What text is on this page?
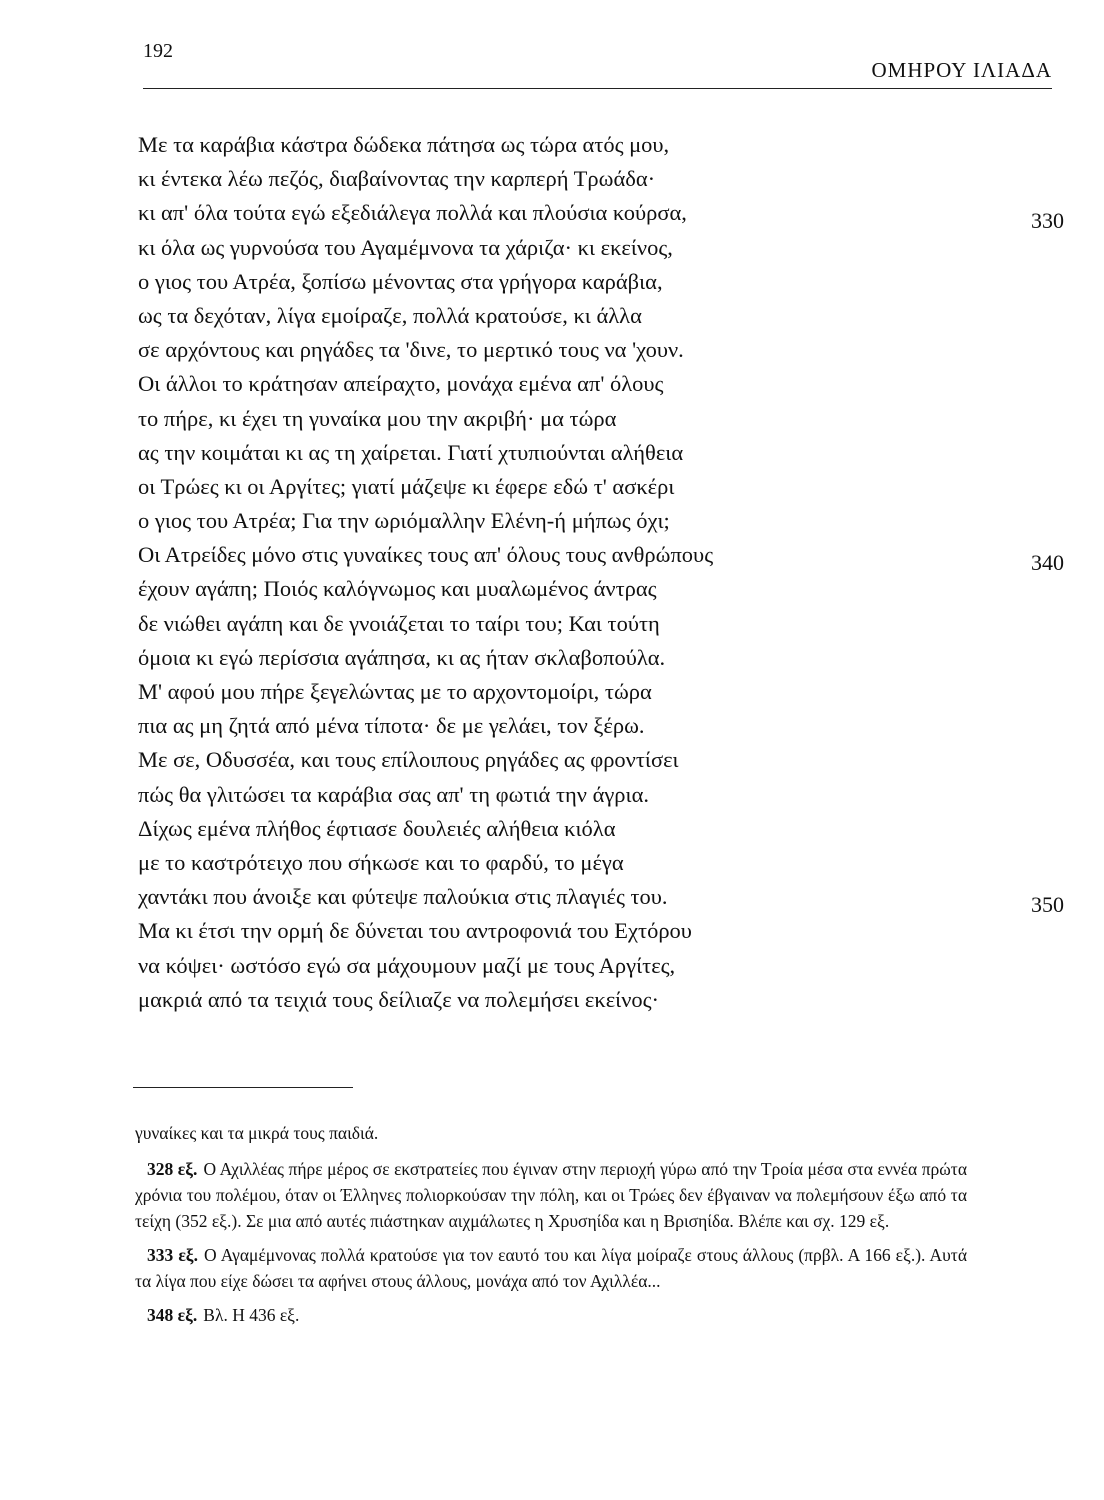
192
ΟΜΗΡΟΥ ΙΛΙΑΔΑ
Με τα καράβια κάστρα δώδεκα πάτησα ως τώρα ατός μου,
κι έντεκα λέω πεζός, διαβαίνοντας την καρπερή Τρωάδα·
κι απ' όλα τούτα εγώ εξεδιάλεγα πολλά και πλούσια κούρσα,	330
κι όλα ως γυρνούσα του Αγαμέμνονα τα χάριζα· κι εκείνος,
ο γιος του Ατρέα, ξοπίσω μένοντας στα γρήγορα καράβια,
ως τα δεχόταν, λίγα εμοίραζε, πολλά κρατούσε, κι άλλα
σε αρχόντους και ρηγάδες τα 'δινε, το μερτικό τους να 'χουν.
Οι άλλοι το κράτησαν απείραχτο, μονάχα εμένα απ' όλους
το πήρε, κι έχει τη γυναίκα μου την ακριβή· μα τώρα
ας την κοιμάται κι ας τη χαίρεται. Γιατί χτυπιούνται αλήθεια
οι Τρώες κι οι Αργίτες; γιατί μάζεψε κι έφερε εδώ τ' ασκέρι
ο γιος του Ατρέα; Για την ωριόμαλλην Ελένη-ή μήπως όχι;
Οι Ατρείδες μόνο στις γυναίκες τους απ' όλους τους ανθρώπους	340
έχουν αγάπη; Ποιός καλόγνωμος και μυαλωμένος άντρας
δε νιώθει αγάπη και δε γνοιάζεται το ταίρι του; Και τούτη
όμοια κι εγώ περίσσια αγάπησα, κι ας ήταν σκλαβοπούλα.
Μ' αφού μου πήρε ξεγελώντας με το αρχοντομοίρι, τώρα
πια ας μη ζητά από μένα τίποτα· δε με γελάει, τον ξέρω.
Με σε, Οδυσσέα, και τους επίλοιπους ρηγάδες ας φροντίσει
πώς θα γλιτώσει τα καράβια σας απ' τη φωτιά την άγρια.
Δίχως εμένα πλήθος έφτιασε δουλειές αλήθεια κιόλα
με το καστρότειχο που σήκωσε και το φαρδύ, το μέγα
χαντάκι που άνοιξε και φύτεψε παλούκια στις πλαγιές του.	350
Μα κι έτσι την ορμή δε δύνεται του αντροφονιά του Εχτόρου
να κόψει· ωστόσο εγώ σα μάχουμουν μαζί με τους Αργίτες,
μακριά από τα τειχιά τους δείλιαζε να πολεμήσει εκείνος·

γυναίκες και τα μικρά τους παιδιά.

328 εξ. Ο Αχιλλέας πήρε μέρος σε εκστρατείες που έγιναν στην περιοχή γύρω από την Τροία μέσα στα εννέα πρώτα χρόνια του πολέμου, όταν οι Έλληνες πολιορκούσαν την πόλη, και οι Τρώες δεν έβγαιναν να πολεμήσουν έξω από τα τείχη (352 εξ.). Σε μια από αυτές πιάστηκαν αιχμάλωτες η Χρυσηίδα και η Βρισηίδα. Βλέπε και σχ. 129 εξ.

333 εξ. Ο Αγαμέμνονας πολλά κρατούσε για τον εαυτό του και λίγα μοίραζε στους άλλους (πρβλ. Α 166 εξ.). Αυτά τα λίγα που είχε δώσει τα αφήνει στους άλλους, μονάχα από τον Αχιλλέα...

348 εξ. Βλ. Η 436 εξ.
